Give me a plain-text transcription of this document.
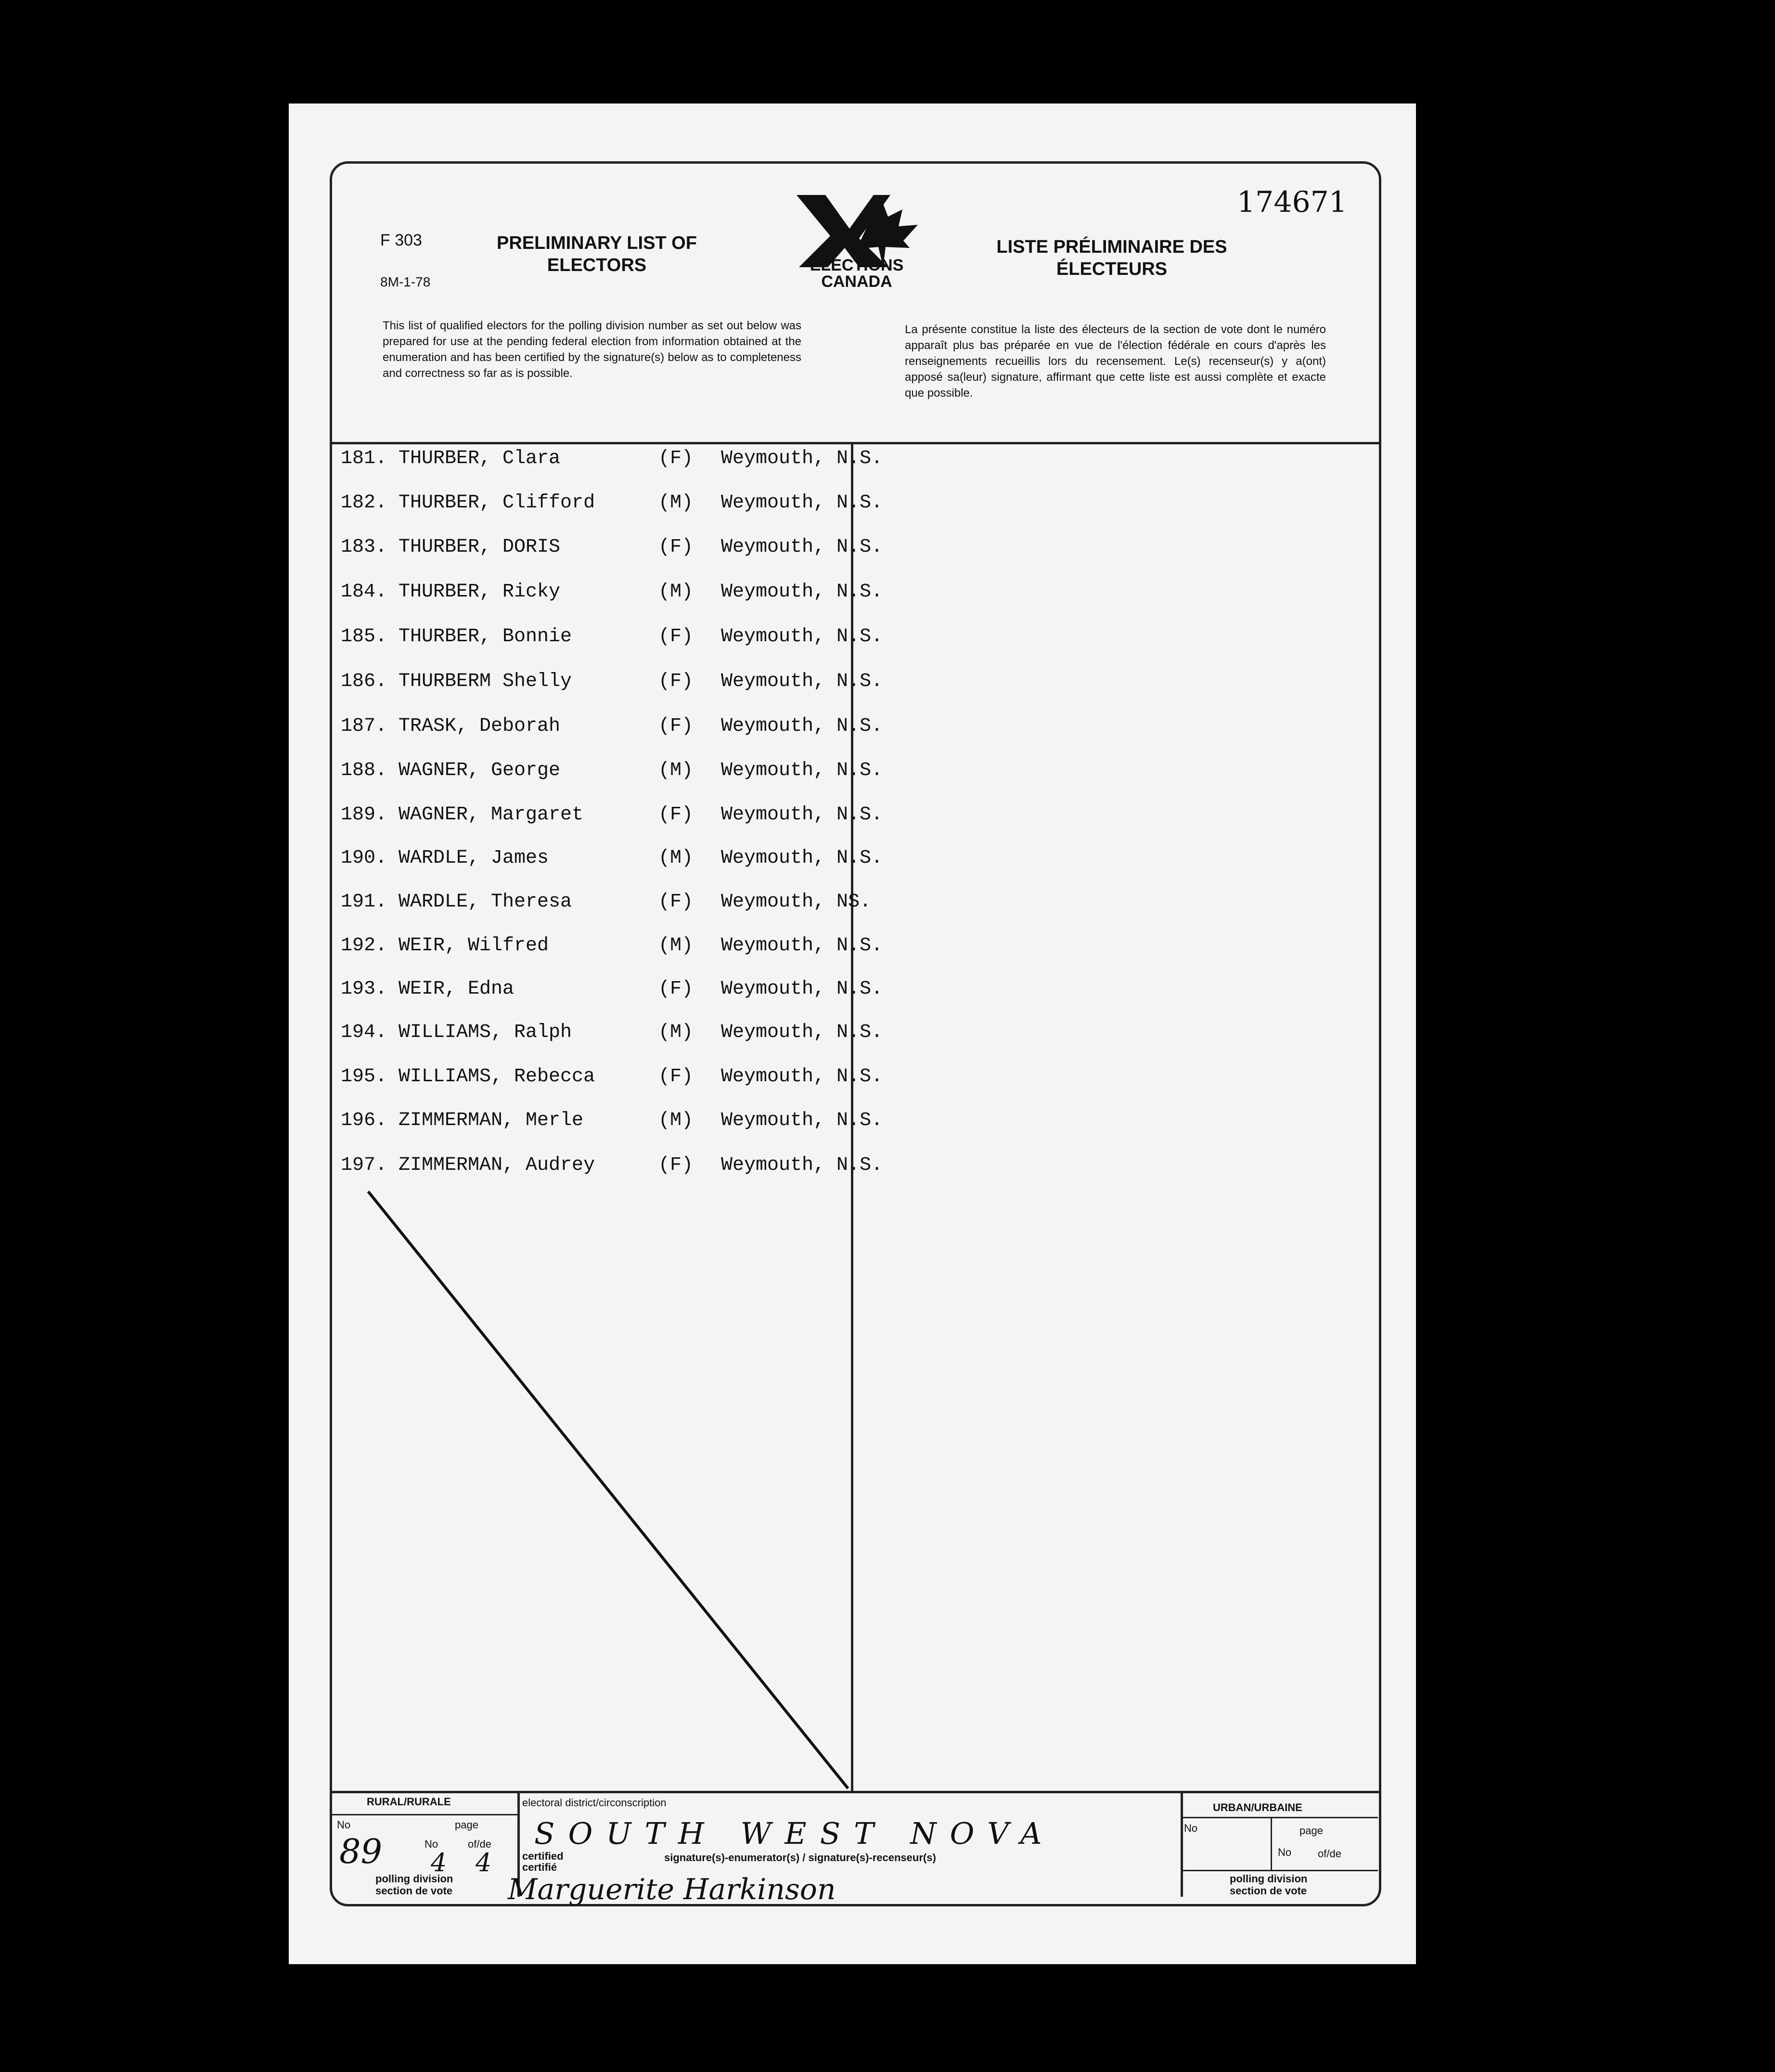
F 303
8M-1-78
PRELIMINARY LIST OF ELECTORS	ELECTIONS
CANADA
LISTE PRÉLIMINAIRE DES ÉLECTEURS
174671
This list of qualified electors for the polling division number as set out below was prepared for use at the pending federal election from information obtained at the enumeration and has been certified by the signature(s) below as to completeness and correctness so far as is possible.
La présente constitue la liste des électeurs de la section de vote dont le numéro apparaît plus bas préparée en vue de l'élection fédérale en cours d'après les renseignements recueillis lors du recensement. Le(s) recenseur(s) y a(ont) apposé sa(leur) signature, affirmant que cette liste est aussi complète et exacte que possible.
181. THURBER, Clara	(F) Weymouth, N.S.
182. THURBER, Clifford	(M) Weymouth, N.S.
183. THURBER, DORIS	(F) Weymouth, N.S.
184. THURBER, Ricky	(M) Weymouth, N.S.
185. THURBER, Bonnie	(F) Weymouth, N.S.
186. THURBERM Shelly	(F) Weymouth, N.S.
187. TRASK, Deborah	(F) Weymouth, N.S.
188. WAGNER, George	(M) Weymouth, N.S.
189. WAGNER, Margaret	(F) Weymouth, N.S.
190. WARDLE, James	(M) Weymouth, N.S.
191. WARDLE, Theresa	(F) Weymouth, NS.
192. WEIR, Wilfred	(M) Weymouth, N.S.
193. WEIR, Edna	(F) Weymouth, N.S.
194. WILLIAMS, Ralph	(M) Weymouth, N.S.
195. WILLIAMS, Rebecca	(F) Weymouth, N.S.
196. ZIMMERMAN, Merle	(M) Weymouth, N.S.
197. ZIMMERMAN, Audrey	(F) Weymouth, N.S.
RURAL/RURALE
No	page
No	of/de
89 4 4
polling division
section de vote
electoral district/circonscription
SOUTH WEST NOVA
certified
certifié
signature(s)-enumerator(s) / signature(s)-recenseur(s)
Marguerite Harkinson
URBAN/URBAINE
No	page
No of/de
polling division
section de vote
